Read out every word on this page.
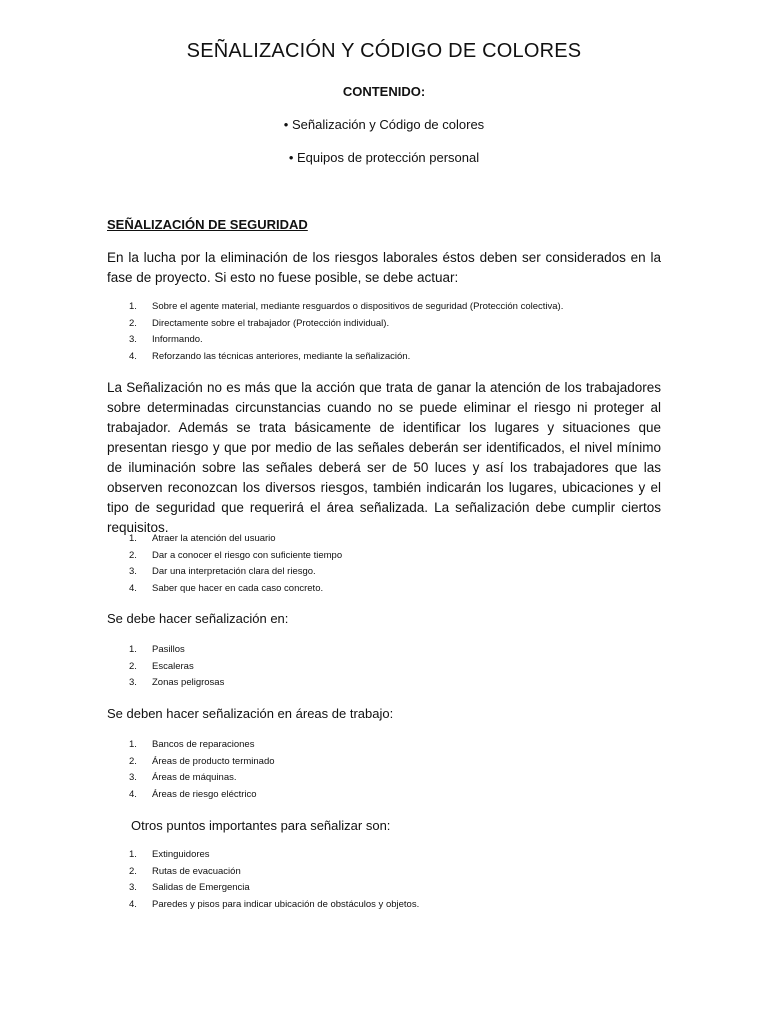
SEÑALIZACIÓN Y CÓDIGO DE COLORES
CONTENIDO:
• Señalización y Código de colores
• Equipos de protección personal
SEÑALIZACIÓN DE SEGURIDAD
En la lucha por la eliminación de los riesgos laborales éstos deben ser considerados en la fase de proyecto. Si esto no fuese posible, se debe actuar:
1. Sobre el agente material, mediante resguardos o dispositivos de seguridad (Protección colectiva).
2. Directamente sobre el trabajador (Protección individual).
3. Informando.
4. Reforzando las técnicas anteriores, mediante la señalización.
La Señalización no es más que la acción que trata de ganar la atención de los trabajadores sobre determinadas circunstancias cuando no se puede eliminar el riesgo ni proteger al trabajador. Además se trata básicamente de identificar los lugares y situaciones que presentan riesgo y que por medio de las señales deberán ser identificados, el nivel mínimo de iluminación sobre las señales deberá ser de 50 luces y así los trabajadores que las observen reconozcan los diversos riesgos, también indicarán los lugares, ubicaciones y el tipo de seguridad que requerirá el área señalizada. La señalización debe cumplir ciertos requisitos.
1. Atraer la atención del usuario
2. Dar a conocer el riesgo con suficiente tiempo
3. Dar una interpretación clara del riesgo.
4. Saber que hacer en cada caso concreto.
Se debe hacer señalización en:
1. Pasillos
2. Escaleras
3. Zonas peligrosas
Se deben hacer señalización en áreas de trabajo:
1. Bancos de reparaciones
2. Áreas de producto terminado
3. Áreas de máquinas.
4. Áreas de riesgo eléctrico
Otros puntos importantes para señalizar son:
1. Extinguidores
2. Rutas de evacuación
3. Salidas de Emergencia
4. Paredes y pisos para indicar ubicación de obstáculos y objetos.
